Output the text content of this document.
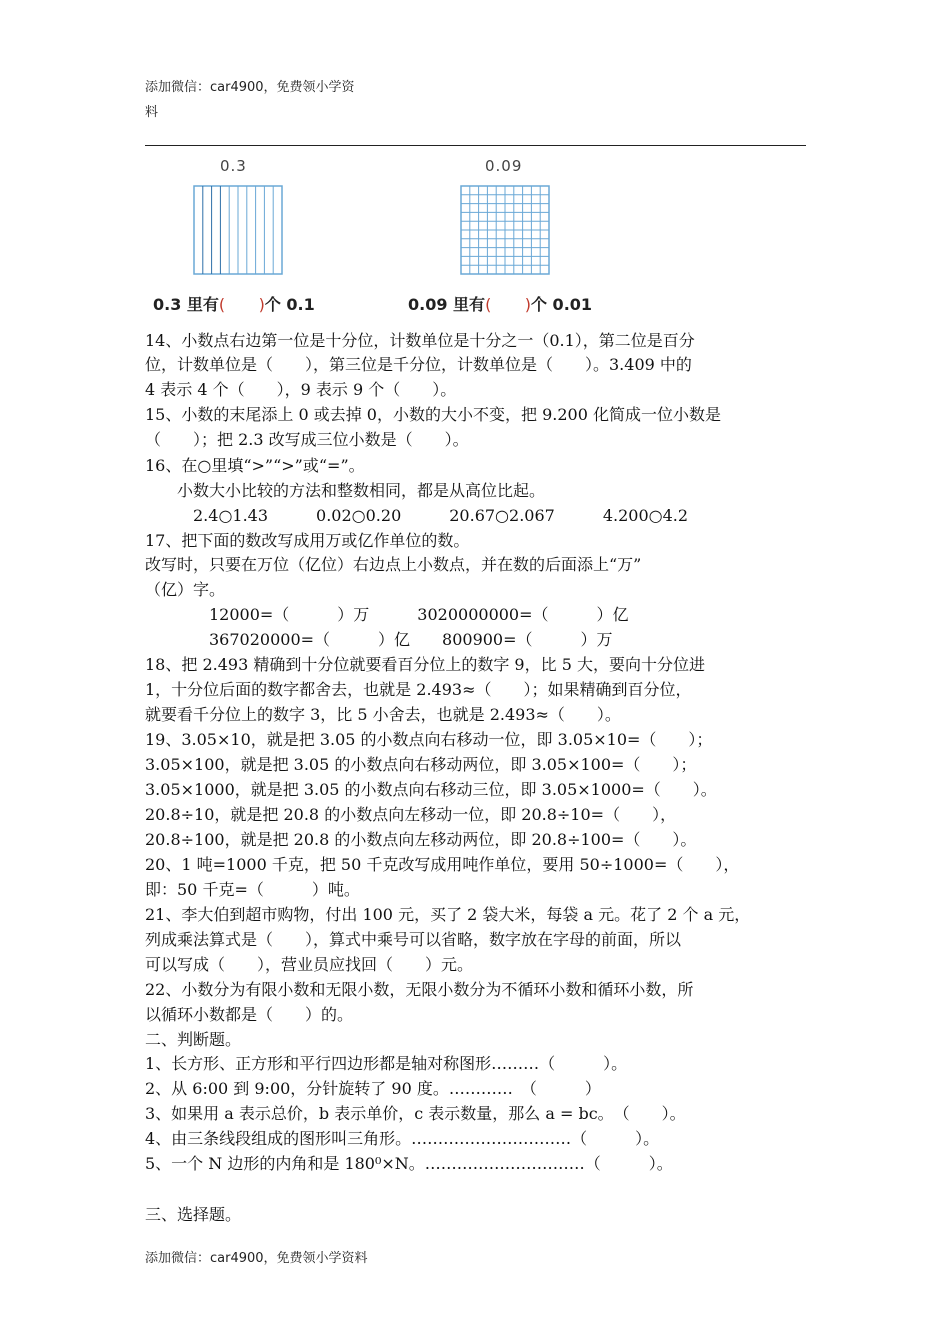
添加微信：car4900，免费领小学资
料
0.3	0.09
0.3 里有( )个 0.1	0.09 里有( )个 0.01
14、小数点右边第一位是十分位，计数单位是十分之一（0.1），第二位是百分
位，计数单位是（　　），第三位是千分位，计数单位是（　　）。3.409 中的
4 表示 4 个（　　），9 表示 9 个（　　）。
15、小数的末尾添上 0 或去掉 0，小数的大小不变，把 9.200 化简成一位小数是
（　　）；把 2.3 改写成三位小数是（　　）。
16、在○里填“>”“>”或“=”。
　　小数大小比较的方法和整数相同，都是从高位比起。
　　　2.4○1.43　　　0.02○0.20　　　20.67○2.067　　　4.200○4.2
17、把下面的数改写成用万或亿作单位的数。
改写时，只要在万位（亿位）右边点上小数点，并在数的后面添上“万”
（亿）字。
　　　　12000=（　　　）万　　　3020000000=（　　　）亿
　　　　367020000=（　　　）亿　　800900=（　　　）万
18、把 2.493 精确到十分位就要看百分位上的数字 9，比 5 大，要向十分位进
1，十分位后面的数字都舍去，也就是 2.493≈（　　）；如果精确到百分位，
就要看千分位上的数字 3，比 5 小舍去，也就是 2.493≈（　　）。
19、3.05×10，就是把 3.05 的小数点向右移动一位，即 3.05×10=（　　）；
3.05×100，就是把 3.05 的小数点向右移动两位，即 3.05×100=（　　）；
3.05×1000，就是把 3.05 的小数点向右移动三位，即 3.05×1000=（　　）。
20.8÷10，就是把 20.8 的小数点向左移动一位，即 20.8÷10=（　　），
20.8÷100，就是把 20.8 的小数点向左移动两位，即 20.8÷100=（　　）。
20、1 吨=1000 千克，把 50 千克改写成用吨作单位，要用 50÷1000=（　　），
即：50 千克=（　　　）吨。
21、李大伯到超市购物，付出 100 元，买了 2 袋大米，每袋 a 元。花了 2 个 a 元，
列成乘法算式是（　　），算式中乘号可以省略，数字放在字母的前面，所以
可以写成（　　），营业员应找回（　　）元。
22、小数分为有限小数和无限小数，无限小数分为不循环小数和循环小数，所
以循环小数都是（　　）的。
二、判断题。
1、长方形、正方形和平行四边形都是轴对称图形………（　　　）。
2、从 6:00 到 9:00，分针旋转了 90 度。…………　（　　　）
3、如果用 a 表示总价，b 表示单价，c 表示数量，那么 a = bc。　（　　）。
4、由三条线段组成的图形叫三角形。…………………………（　　　）。
5、一个 N 边形的内角和是 180⁰×N。…………………………（　　　）。
三、选择题。
添加微信：car4900，免费领小学资料
